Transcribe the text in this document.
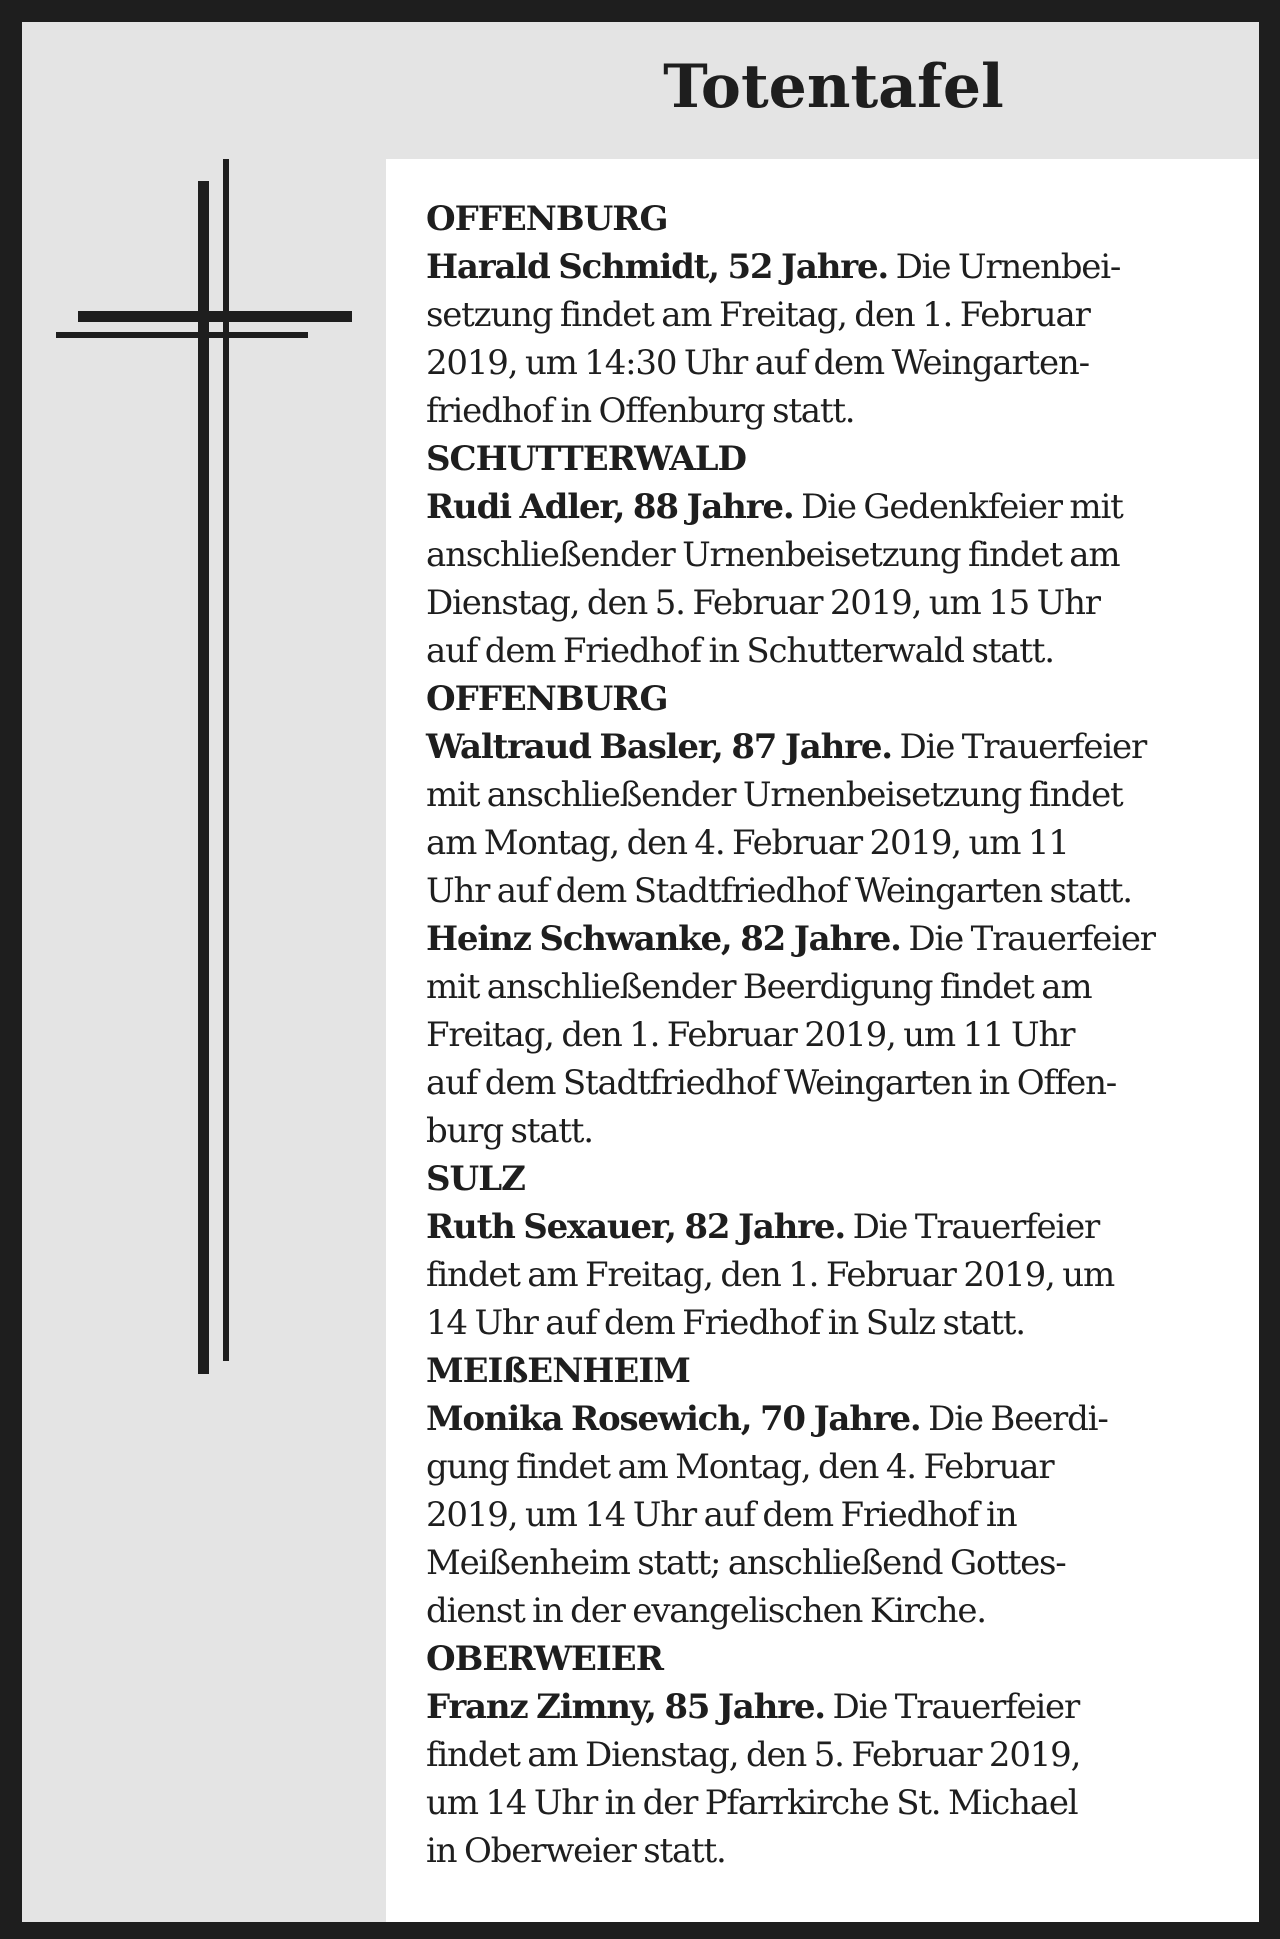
Totentafel

OFFENBURG

Harald Schmidt, 52 Jahre. Die Urnenbei-
setzung findet am Freitag, den 1. Februar
2019, um 14:30 Uhr auf dem Weingarten-
friedhof in Offenburg statt.

SCHUTTERWALD

Rudi Adler, 88 Jahre. Die Gedenkfeier mit
anschließender Urnenbeisetzung findet am
Dienstag, den 5. Februar 2019, um 15 Uhr
auf dem Friedhof in Schutterwald statt.

OFFENBURG

Waltraud Basler, 87 Jahre. Die Trauerfeier
mit anschließender Urnenbeisetzung findet
am Montag, den 4. Februar 2019, um 11
Uhr auf dem Stadtfriedhof Weingarten statt.

Heinz Schwanke, 82 Jahre. Die Trauerfeier
mit anschließender Beerdigung findet am
Freitag, den 1. Februar 2019, um 11 Uhr
auf dem Stadtfriedhof Weingarten in Offen-
burg statt.

SULZ

Ruth Sexauer, 82 Jahre. Die Trauerfeier
findet am Freitag, den 1. Februar 2019, um
14 Uhr auf dem Friedhof in Sulz statt.

MEIßENHEIM

Monika Rosewich, 70 Jahre. Die Beerdi-
gung findet am Montag, den 4. Februar
2019, um 14 Uhr auf dem Friedhof in
Meißenheim statt; anschließend Gottes-
dienst in der evangelischen Kirche.

OBERWEIER

Franz Zimny, 85 Jahre. Die Trauerfeier
findet am Dienstag, den 5. Februar 2019,
um 14 Uhr in der Pfarrkirche St. Michael
in Oberweier statt.
